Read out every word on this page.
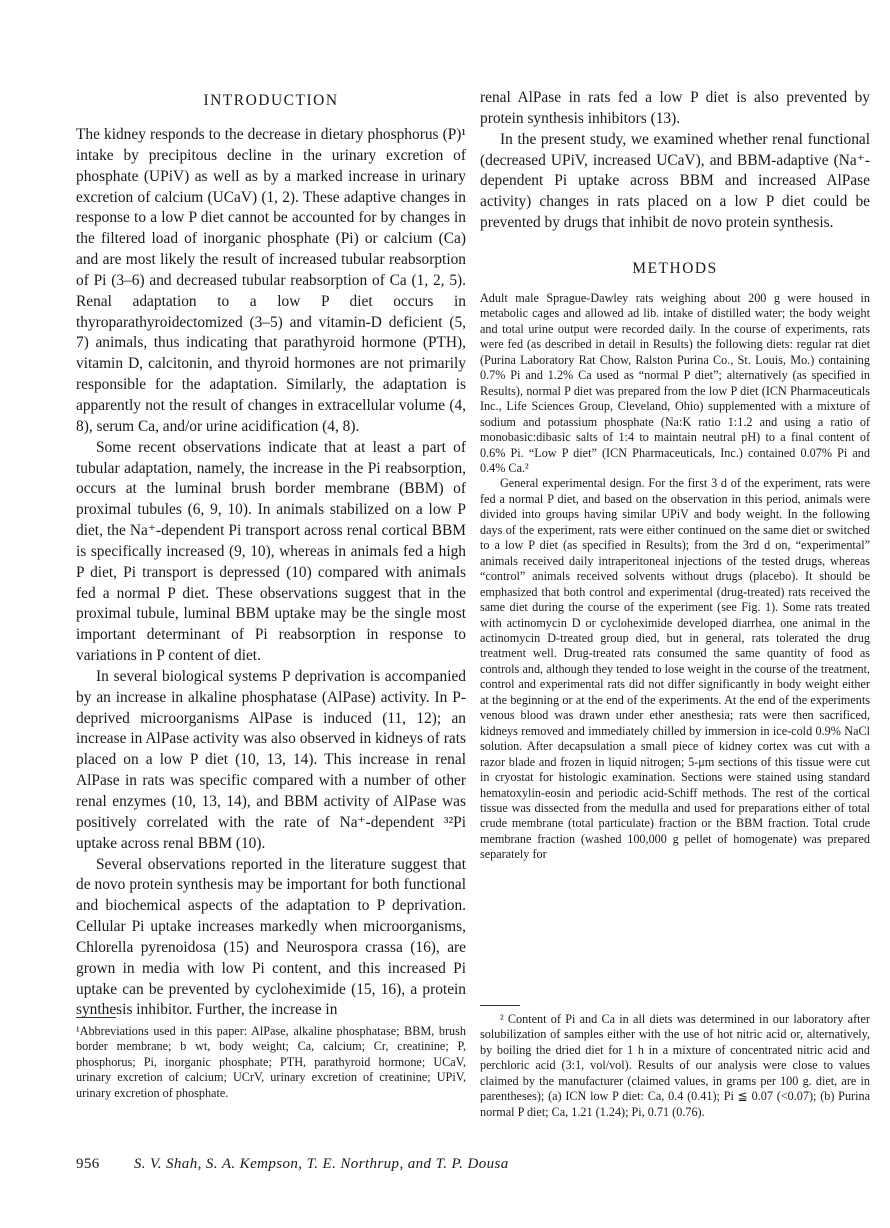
INTRODUCTION

The kidney responds to the decrease in dietary phosphorus (P)¹ intake by precipitous decline in the urinary excretion of phosphate (UPiV) as well as by a marked increase in urinary excretion of calcium (UCaV) (1, 2). These adaptive changes in response to a low P diet cannot be accounted for by changes in the filtered load of inorganic phosphate (Pi) or calcium (Ca) and are most likely the result of increased tubular reabsorption of Pi (3–6) and decreased tubular reabsorption of Ca (1, 2, 5). Renal adaptation to a low P diet occurs in thyroparathyroidectomized (3–5) and vitamin-D deficient (5, 7) animals, thus indicating that parathyroid hormone (PTH), vitamin D, calcitonin, and thyroid hormones are not primarily responsible for the adaptation. Similarly, the adaptation is apparently not the result of changes in extracellular volume (4, 8), serum Ca, and/or urine acidification (4, 8).

Some recent observations indicate that at least a part of tubular adaptation, namely, the increase in the Pi reabsorption, occurs at the luminal brush border membrane (BBM) of proximal tubules (6, 9, 10). In animals stabilized on a low P diet, the Na⁺-dependent Pi transport across renal cortical BBM is specifically increased (9, 10), whereas in animals fed a high P diet, Pi transport is depressed (10) compared with animals fed a normal P diet. These observations suggest that in the proximal tubule, luminal BBM uptake may be the single most important determinant of Pi reabsorption in response to variations in P content of diet.

In several biological systems P deprivation is accompanied by an increase in alkaline phosphatase (AlPase) activity. In P-deprived microorganisms AlPase is induced (11, 12); an increase in AlPase activity was also observed in kidneys of rats placed on a low P diet (10, 13, 14). This increase in renal AlPase in rats was specific compared with a number of other renal enzymes (10, 13, 14), and BBM activity of AlPase was positively correlated with the rate of Na⁺-dependent ³²Pi uptake across renal BBM (10).

Several observations reported in the literature suggest that de novo protein synthesis may be important for both functional and biochemical aspects of the adaptation to P deprivation. Cellular Pi uptake increases markedly when microorganisms, Chlorella pyrenoidosa (15) and Neurospora crassa (16), are grown in media with low Pi content, and this increased Pi uptake can be prevented by cycloheximide (15, 16), a protein synthesis inhibitor. Further, the increase in

¹Abbreviations used in this paper: AlPase, alkaline phosphatase; BBM, brush border membrane; b wt, body weight; Ca, calcium; Cr, creatinine; P, phosphorus; Pi, inorganic phosphate; PTH, parathyroid hormone; UCaV, urinary excretion of calcium; UCrV, urinary excretion of creatinine; UPiV, urinary excretion of phosphate.

renal AlPase in rats fed a low P diet is also prevented by protein synthesis inhibitors (13).

In the present study, we examined whether renal functional (decreased UPiV, increased UCaV), and BBM-adaptive (Na⁺-dependent Pi uptake across BBM and increased AlPase activity) changes in rats placed on a low P diet could be prevented by drugs that inhibit de novo protein synthesis.

METHODS

Adult male Sprague-Dawley rats weighing about 200 g were housed in metabolic cages and allowed ad lib. intake of distilled water; the body weight and total urine output were recorded daily. In the course of experiments, rats were fed (as described in detail in Results) the following diets: regular rat diet (Purina Laboratory Rat Chow, Ralston Purina Co., St. Louis, Mo.) containing 0.7% Pi and 1.2% Ca used as “normal P diet”; alternatively (as specified in Results), normal P diet was prepared from the low P diet (ICN Pharmaceuticals Inc., Life Sciences Group, Cleveland, Ohio) supplemented with a mixture of sodium and potassium phosphate (Na:K ratio 1:1.2 and using a ratio of monobasic:dibasic salts of 1:4 to maintain neutral pH) to a final content of 0.6% Pi. “Low P diet” (ICN Pharmaceuticals, Inc.) contained 0.07% Pi and 0.4% Ca.²

General experimental design. For the first 3 d of the experiment, rats were fed a normal P diet, and based on the observation in this period, animals were divided into groups having similar UPiV and body weight. In the following days of the experiment, rats were either continued on the same diet or switched to a low P diet (as specified in Results); from the 3rd d on, “experimental” animals received daily intraperitoneal injections of the tested drugs, whereas “control” animals received solvents without drugs (placebo). It should be emphasized that both control and experimental (drug-treated) rats received the same diet during the course of the experiment (see Fig. 1). Some rats treated with actinomycin D or cycloheximide developed diarrhea, one animal in the actinomycin D-treated group died, but in general, rats tolerated the drug treatment well. Drug-treated rats consumed the same quantity of food as controls and, although they tended to lose weight in the course of the treatment, control and experimental rats did not differ significantly in body weight either at the beginning or at the end of the experiments. At the end of the experiments venous blood was drawn under ether anesthesia; rats were then sacrificed, kidneys removed and immediately chilled by immersion in ice-cold 0.9% NaCl solution. After decapsulation a small piece of kidney cortex was cut with a razor blade and frozen in liquid nitrogen; 5-μm sections of this tissue were cut in cryostat for histologic examination. Sections were stained using standard hematoxylin-eosin and periodic acid-Schiff methods. The rest of the cortical tissue was dissected from the medulla and used for preparations either of total crude membrane (total particulate) fraction or the BBM fraction. Total crude membrane fraction (washed 100,000 g pellet of homogenate) was prepared separately for

² Content of Pi and Ca in all diets was determined in our laboratory after solubilization of samples either with the use of hot nitric acid or, alternatively, by boiling the dried diet for 1 h in a mixture of concentrated nitric acid and perchloric acid (3:1, vol/vol). Results of our analysis were close to values claimed by the manufacturer (claimed values, in grams per 100 g. diet, are in parentheses); (a) ICN low P diet: Ca, 0.4 (0.41); Pi ≦ 0.07 (<0.07); (b) Purina normal P diet; Ca, 1.21 (1.24); Pi, 0.71 (0.76).

956 S. V. Shah, S. A. Kempson, T. E. Northrup, and T. P. Dousa
